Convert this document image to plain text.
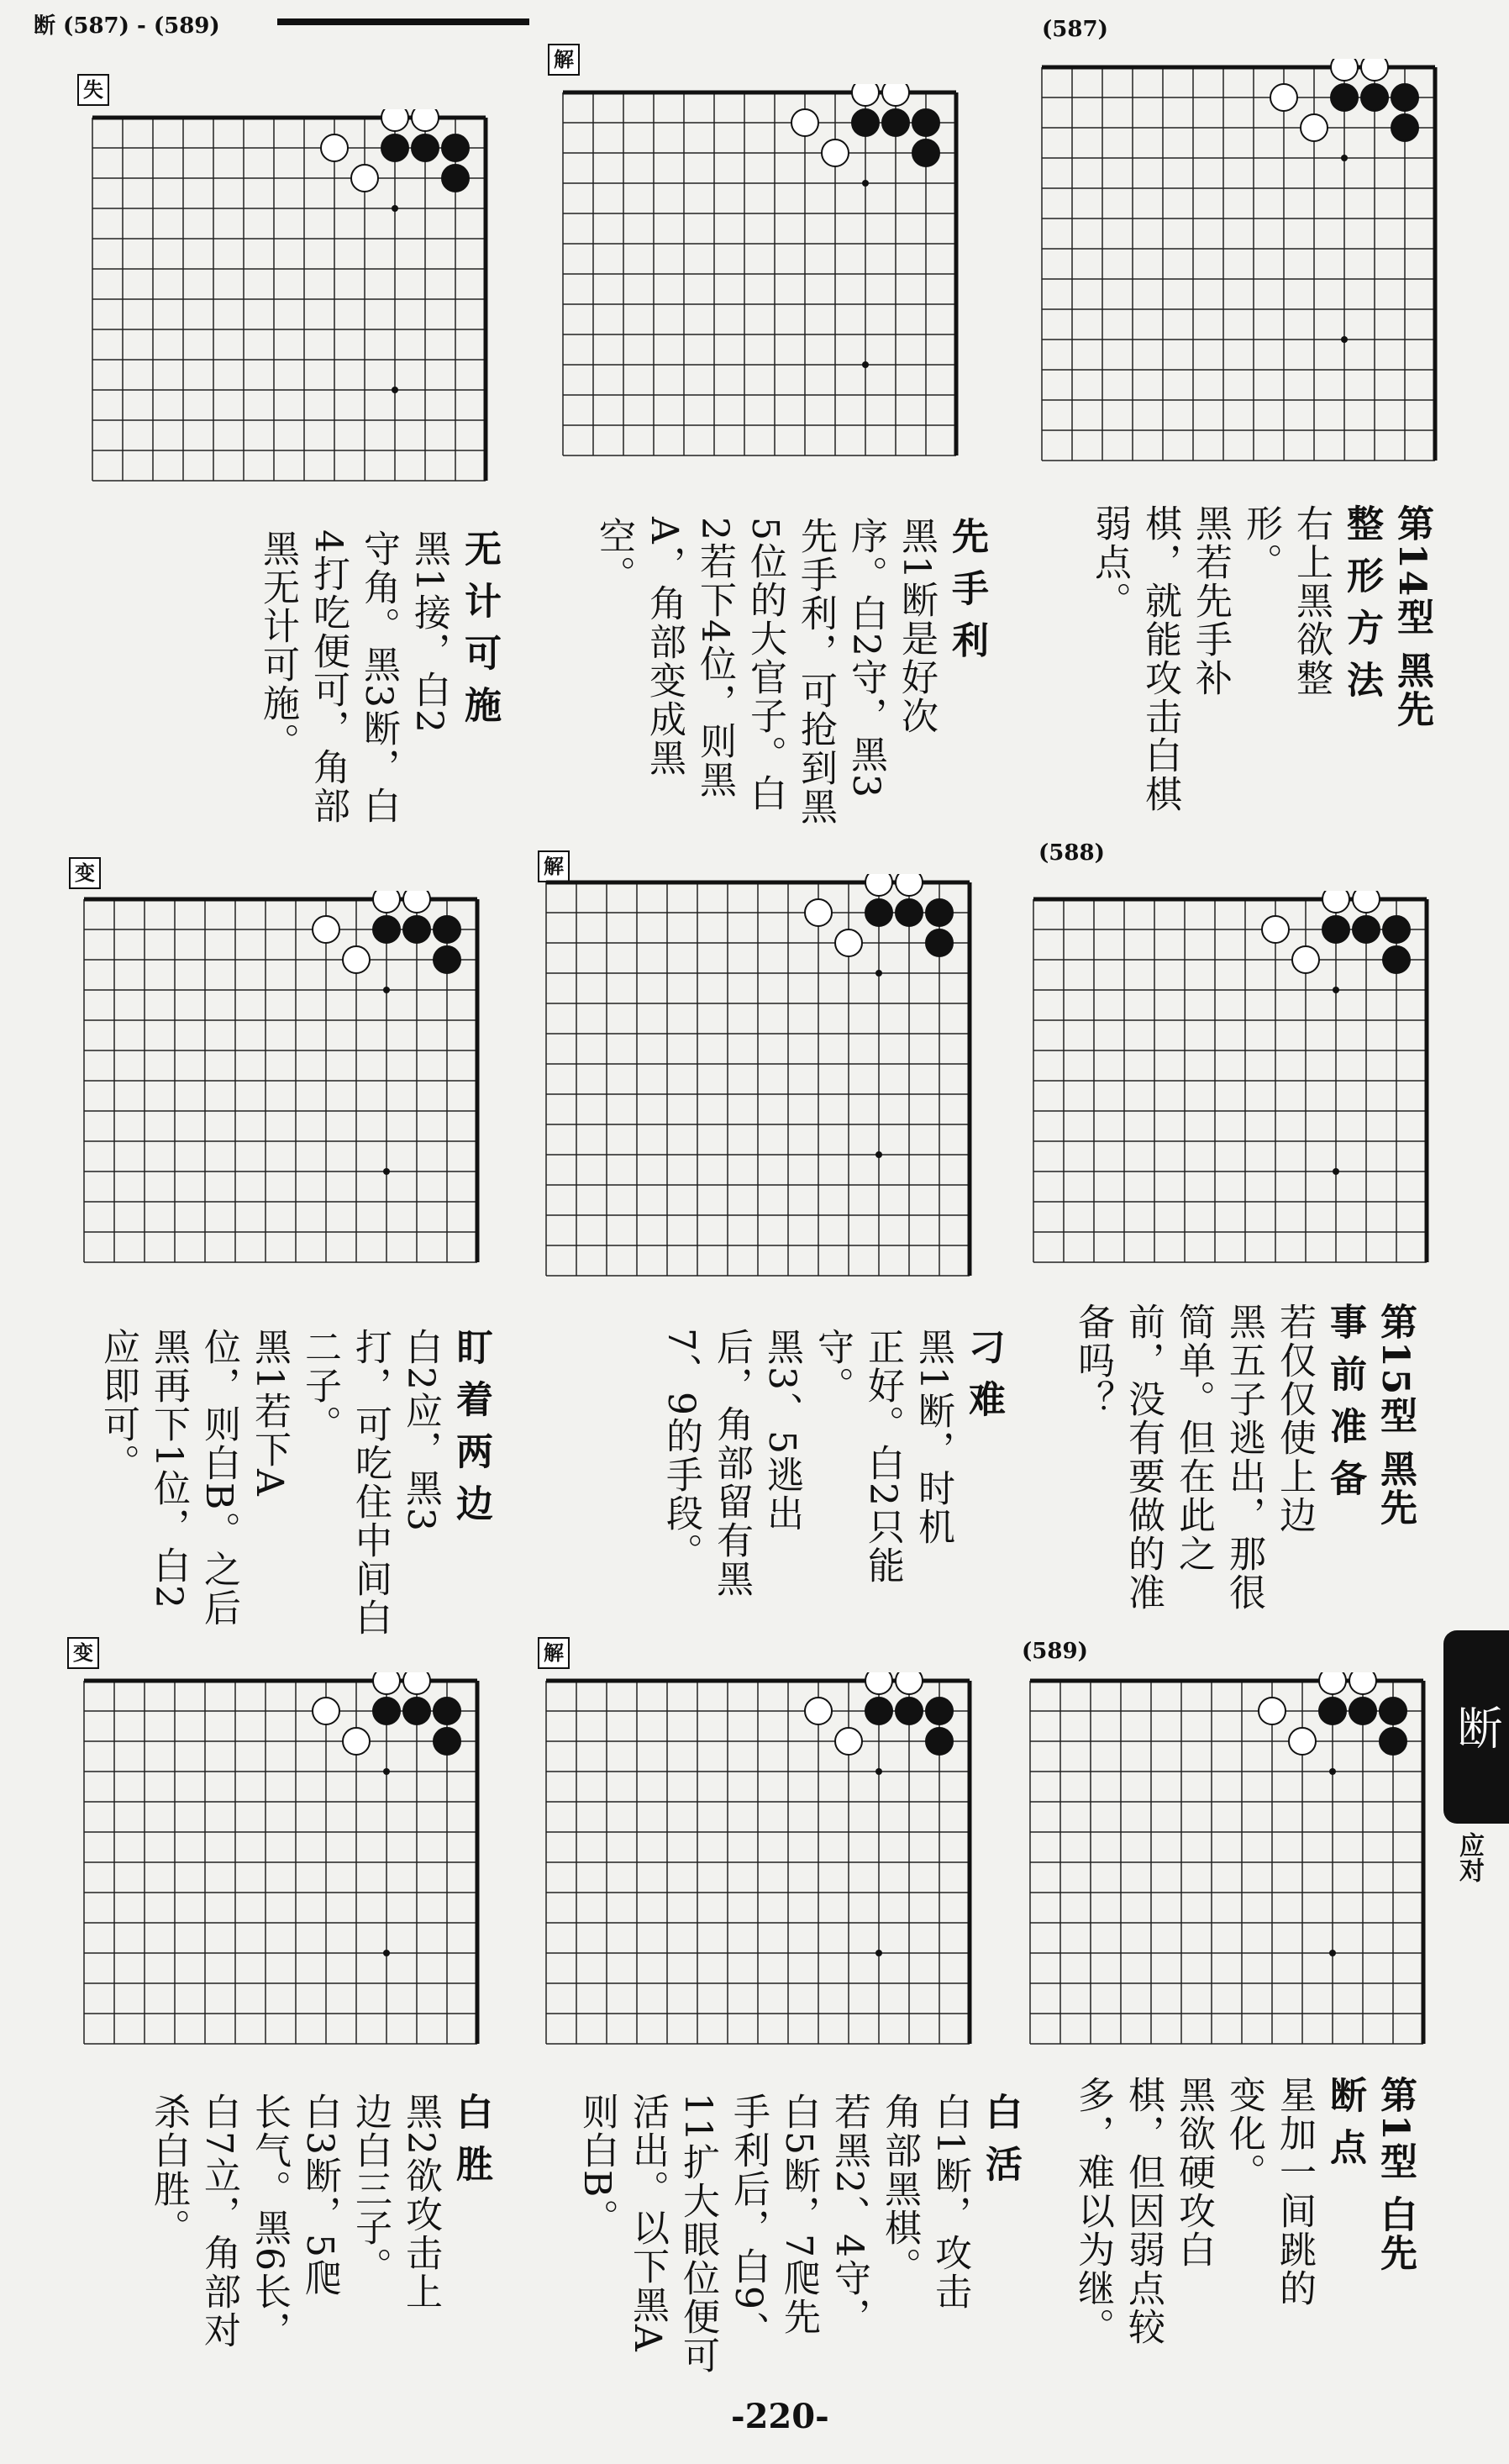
断 (587) - (589)	(587)
失
解
变	解
(588)
变	解	(589)
无计可施
黑1接，白2
守角。黑3断，白
4打吃便可，角部
黑无计可施。	先手利
黑1断是好次
序。白2守，黑3
先手利，可抢到黑
5位的大官子。白
2若下4位，则黑
A，角部变成黑空。	第14型 黑先
整形方法
右上黑欲整
形。
黑若先手补
棋，就能攻击白棋
弱点。
盯着两边
白2应，黑3
打，可吃住中间白
二子。
黑1若下A
位，则白B。之后
黑再下1位，白2
应即可。	刁难
黑1断，时机
正好。白2只能守。
黑3、5逃出
后，角部留有黑
7、9的手段。	第15型 黑先
事前准备
若仅仅使上边
黑五子逃出，那很
简单。但在此之
前，没有要做的准
备吗？
白胜
黑2欲攻击上
边白三子。
白3断，5爬
长气。黑6长，
白7立，角部对
杀白胜。	白活
白1断，攻击
角部黑棋。
若黑2、4守，
白5断，7爬先
手利后，白9、
11扩大眼位便可
活出。以下黑A
则白B。	第1型 白先
断点
星加一间跳的
变化。
黑欲硬攻白
棋，但因弱点较
多，难以为继。
断
应对
-220-
